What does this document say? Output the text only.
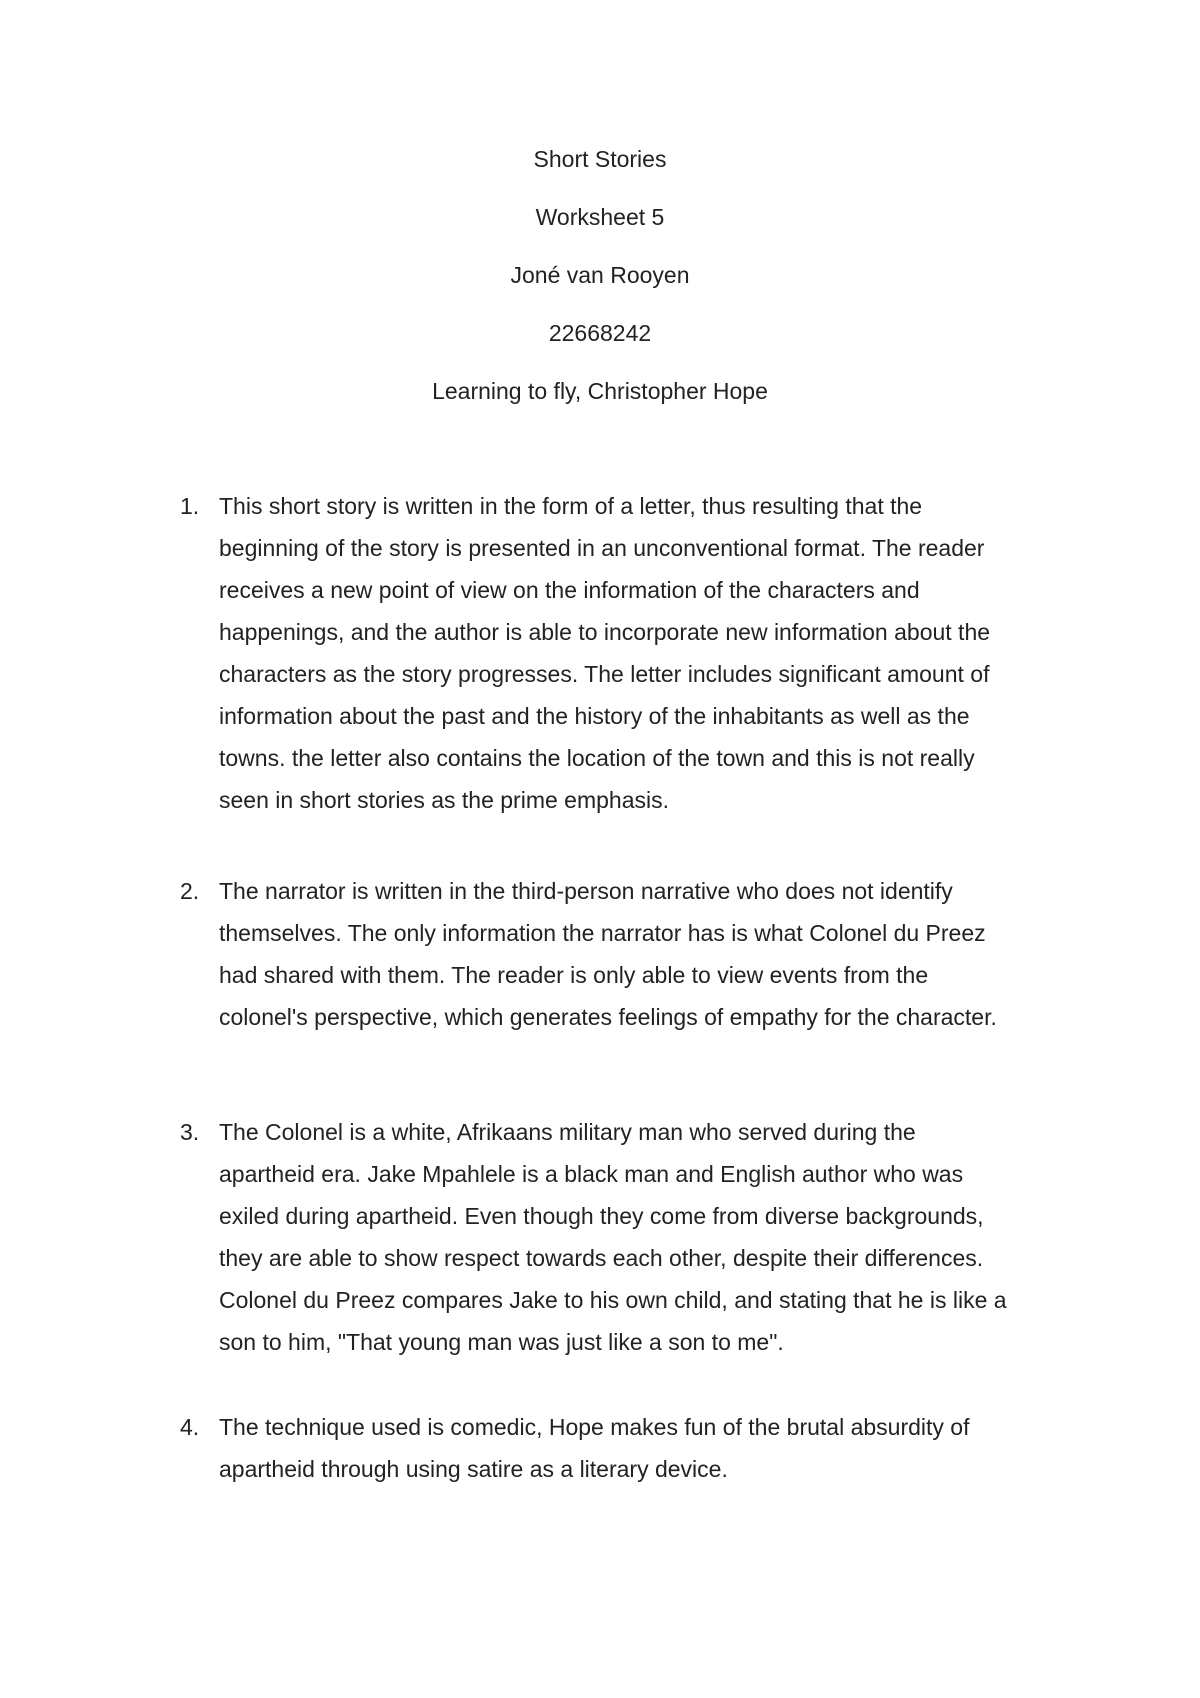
Short Stories
Worksheet 5
Joné van Rooyen
22668242
Learning to fly, Christopher Hope
1. This short story is written in the form of a letter, thus resulting that the
beginning of the story is presented in an unconventional format. The reader
receives a new point of view on the information of the characters and
happenings, and the author is able to incorporate new information about the
characters as the story progresses. The letter includes significant amount of
information about the past and the history of the inhabitants as well as the
towns. the letter also contains the location of the town and this is not really
seen in short stories as the prime emphasis.
2. The narrator is written in the third-person narrative who does not identify
themselves. The only information the narrator has is what Colonel du Preez
had shared with them. The reader is only able to view events from the
colonel's perspective, which generates feelings of empathy for the character.
3. The Colonel is a white, Afrikaans military man who served during the
apartheid era. Jake Mpahlele is a black man and English author who was
exiled during apartheid. Even though they come from diverse backgrounds,
they are able to show respect towards each other, despite their differences.
Colonel du Preez compares Jake to his own child, and stating that he is like a
son to him, "That young man was just like a son to me".
4. The technique used is comedic, Hope makes fun of the brutal absurdity of
apartheid through using satire as a literary device.
